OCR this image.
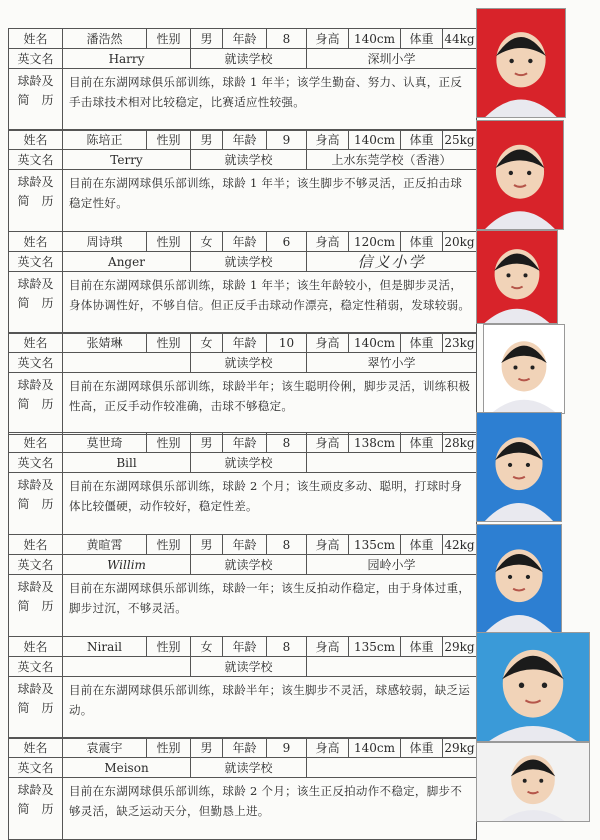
姓名	潘浩然	性别	男	年龄	8	身高	140cm	体重	44kg
英文名	Harry		就读学校			深圳小学			

球龄及
简　历	目前在东湖网球俱乐部训练，球龄 1 年半；该学生勤奋、努力、认真，正反手击球技术相对比较稳定，比赛适应性较强。								
姓名	陈培正	性别	男	年龄	9	身高	140cm	体重	25kg
英文名	Terry		就读学校			上水东莞学校（香港）			

球龄及
简　历	目前在东湖网球俱乐部训练，球龄 1 年半；该生脚步不够灵活，正反拍击球稳定性好。								
姓名	周诗琪	性别	女	年龄	6	身高	120cm	体重	20kg
英文名	Anger		就读学校			信义小学			

球龄及
简　历	目前在东湖网球俱乐部训练，球龄 1 年半；该生年龄较小，但是脚步灵活，身体协调性好，不够自信。但正反手击球动作漂亮，稳定性稍弱，发球较弱。								
姓名	张婧琳	性别	女	年龄	10	身高	140cm	体重	23kg
英文名			就读学校			翠竹小学			

球龄及
简　历	目前在东湖网球俱乐部训练，球龄半年；该生聪明伶俐，脚步灵活，训练积极性高，正反手动作较准确，击球不够稳定。								
姓名	莫世琦	性别	男	年龄	8	身高	138cm	体重	28kg
英文名	Bill		就读学校						

球龄及
简　历	目前在东湖网球俱乐部训练，球龄 2 个月；该生顽皮多动、聪明，打球时身体比较僵硬，动作较好，稳定性差。								
姓名	黄暄霄	性别	男	年龄	8	身高	135cm	体重	42kg
英文名	Willim		就读学校			园岭小学			

球龄及
简　历	目前在东湖网球俱乐部训练，球龄一年；该生反拍动作稳定，由于身体过重，脚步过沉，不够灵活。								
姓名	Nirail	性别	女	年龄	8	身高	135cm	体重	29kg
英文名			就读学校						

球龄及
简　历	目前在东湖网球俱乐部训练，球龄半年；该生脚步不灵活，球感较弱，缺乏运动。								
姓名	袁震宇	性别	男	年龄	9	身高	140cm	体重	29kg
英文名	Meison		就读学校						

球龄及
简　历	目前在东湖网球俱乐部训练，球龄 2 个月；该生正反拍动作不稳定，脚步不够灵活，缺乏运动天分，但勤恳上进。								
